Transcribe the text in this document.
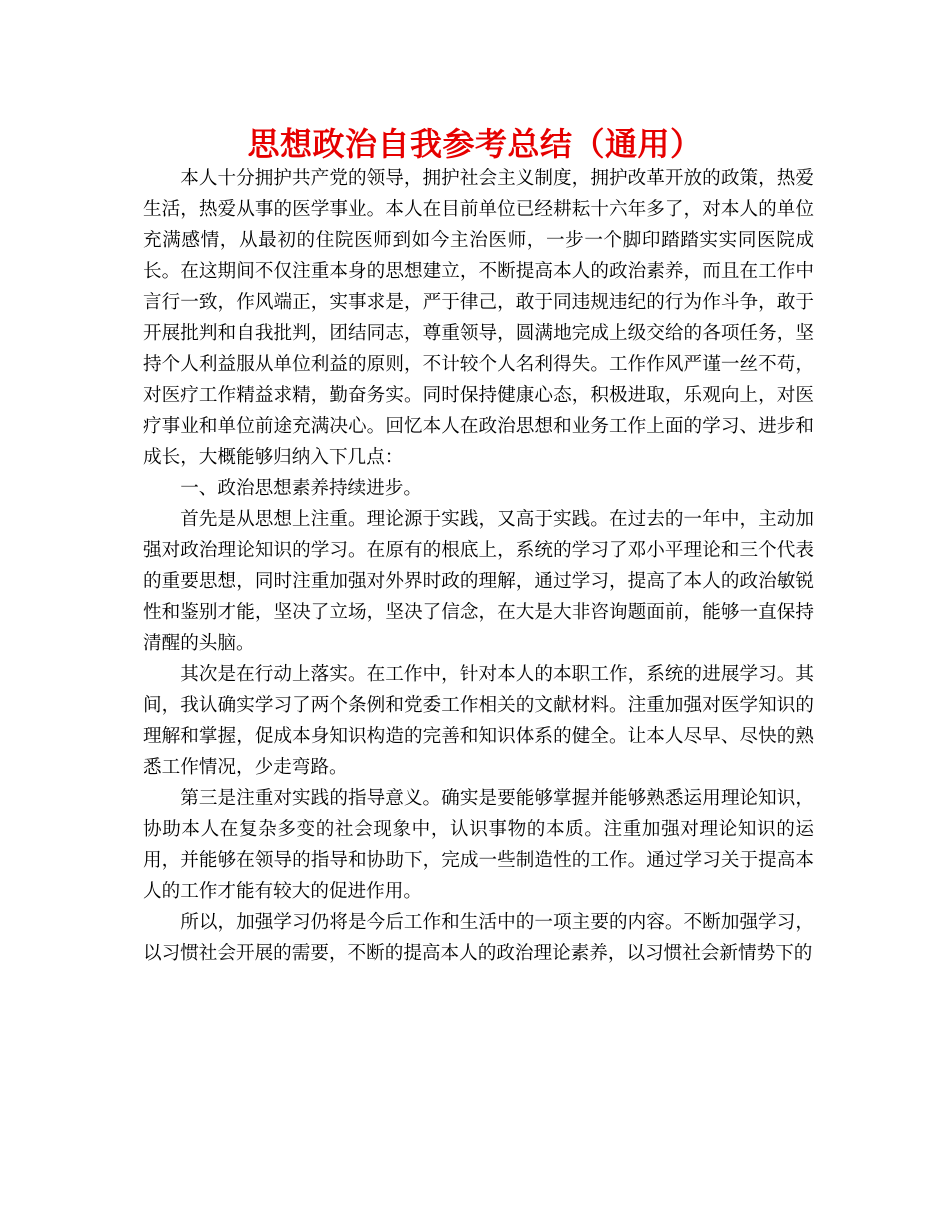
思想政治自我参考总结（通用）

本人十分拥护共产党的领导，拥护社会主义制度，拥护改革开放的政策，热爱生活，热爱从事的医学事业。本人在目前单位已经耕耘十六年多了，对本人的单位充满感情，从最初的住院医师到如今主治医师，一步一个脚印踏踏实实同医院成长。在这期间不仅注重本身的思想建立，不断提高本人的政治素养，而且在工作中言行一致，作风端正，实事求是，严于律己，敢于同违规违纪的行为作斗争，敢于开展批判和自我批判，团结同志，尊重领导，圆满地完成上级交给的各项任务，坚持个人利益服从单位利益的原则，不计较个人名利得失。工作作风严谨一丝不苟，对医疗工作精益求精，勤奋务实。同时保持健康心态，积极进取，乐观向上，对医疗事业和单位前途充满决心。回忆本人在政治思想和业务工作上面的学习、进步和成长，大概能够归纳入下几点：

一、政治思想素养持续进步。

首先是从思想上注重。理论源于实践，又高于实践。在过去的一年中，主动加强对政治理论知识的学习。在原有的根底上，系统的学习了邓小平理论和三个代表的重要思想，同时注重加强对外界时政的理解，通过学习，提高了本人的政治敏锐性和鉴别才能，坚决了立场，坚决了信念，在大是大非咨询题面前，能够一直保持清醒的头脑。

其次是在行动上落实。在工作中，针对本人的本职工作，系统的进展学习。其间，我认确实学习了两个条例和党委工作相关的文献材料。注重加强对医学知识的理解和掌握，促成本身知识构造的完善和知识体系的健全。让本人尽早、尽快的熟悉工作情况，少走弯路。

第三是注重对实践的指导意义。确实是要能够掌握并能够熟悉运用理论知识，协助本人在复杂多变的社会现象中，认识事物的本质。注重加强对理论知识的运用，并能够在领导的指导和协助下，完成一些制造性的工作。通过学习关于提高本人的工作才能有较大的促进作用。

所以，加强学习仍将是今后工作和生活中的一项主要的内容。不断加强学习，以习惯社会开展的需要，不断的提高本人的政治理论素养，以习惯社会新情势下的
